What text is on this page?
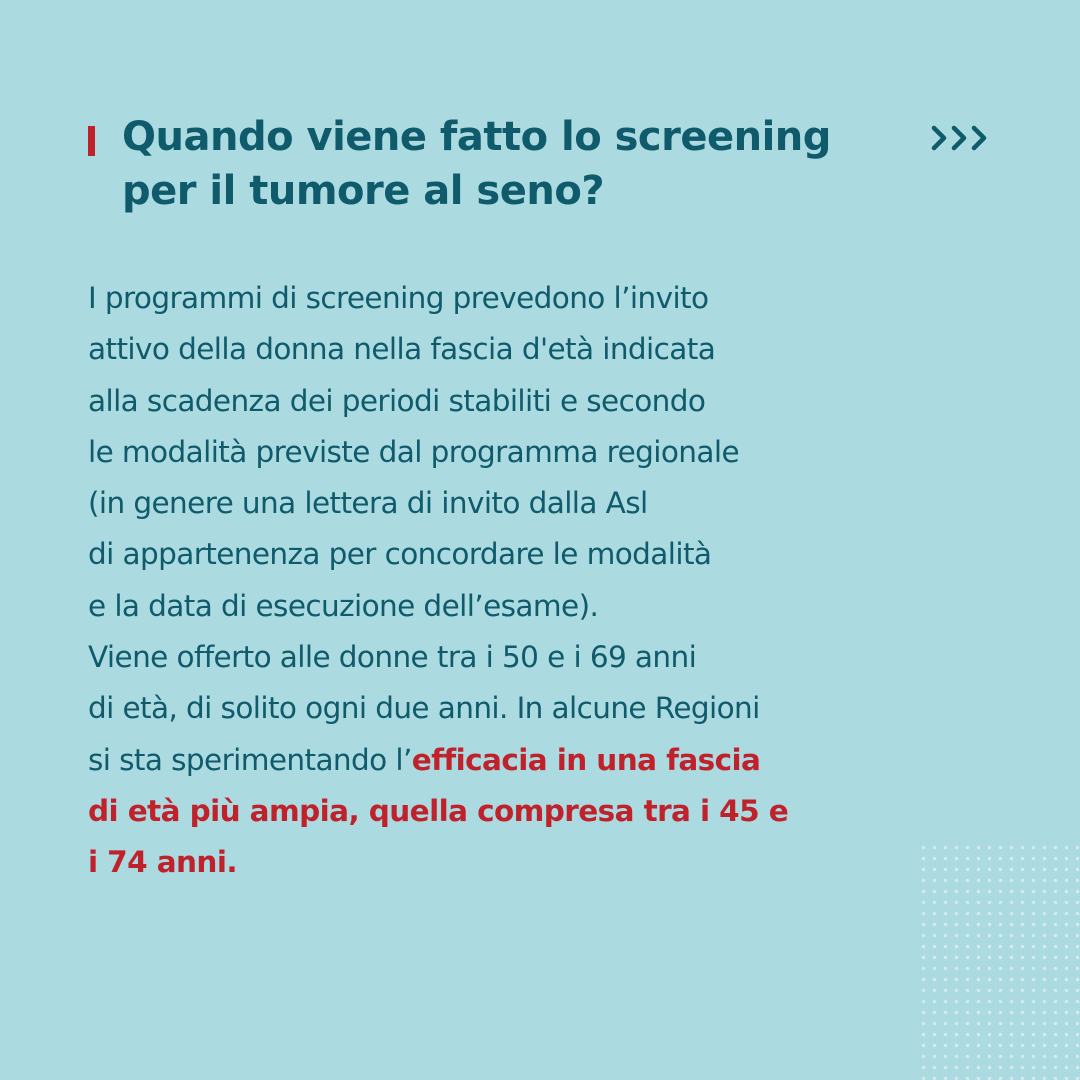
Quando viene fatto lo screening
per il tumore al seno?

I programmi di screening prevedono l’invito
attivo della donna nella fascia d'età indicata
alla scadenza dei periodi stabiliti e secondo
le modalità previste dal programma regionale
(in genere una lettera di invito dalla Asl
di appartenenza per concordare le modalità
e la data di esecuzione dell’esame).
Viene offerto alle donne tra i 50 e i 69 anni
di età, di solito ogni due anni. In alcune Regioni
si sta sperimentando l’efficacia in una fascia
di età più ampia, quella compresa tra i 45 e
i 74 anni.
